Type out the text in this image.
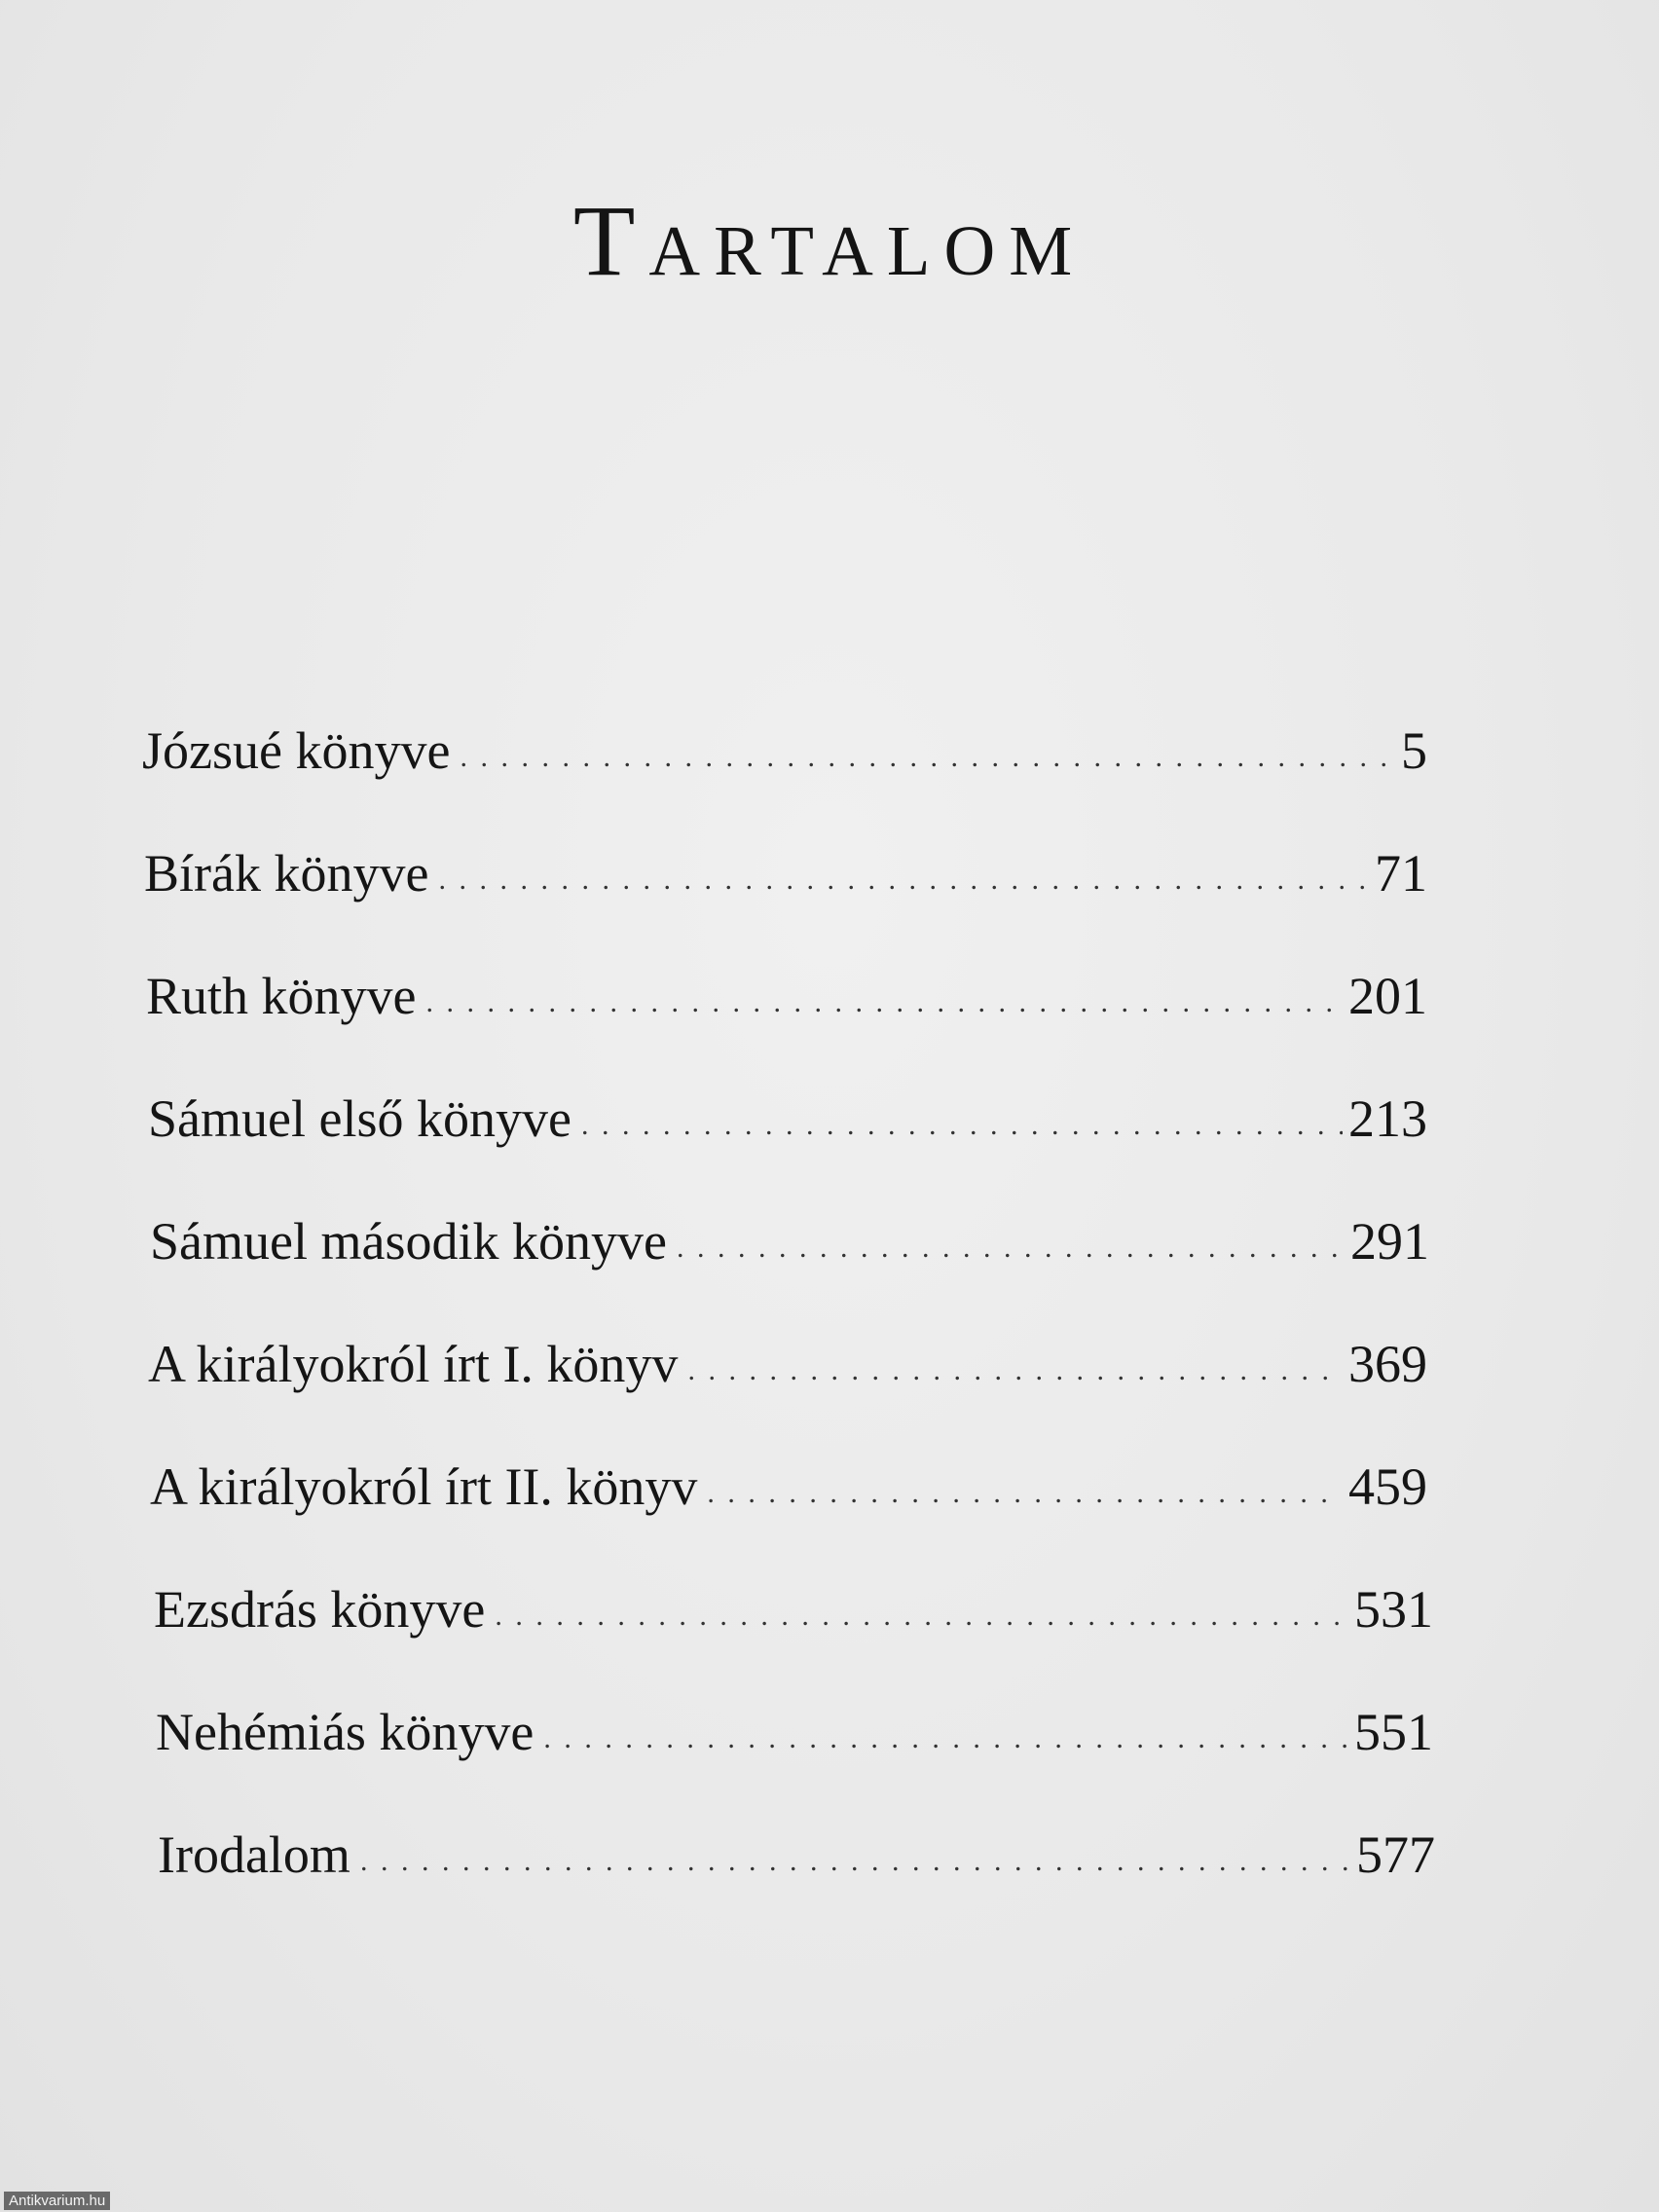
Tartalom
Józsué könyve . . .	5
Bírák könyve . . .	71
Ruth könyve . . .	201
Sámuel első könyve . . .	213
Sámuel második könyve . . .	291
A királyokról írt I. könyv . . .	369
A királyokról írt II. könyv . . .	459
Ezsdrás könyve . . .	531
Nehémiás könyve . . .	551
Irodalom . . .	577
Antikvarium.hu
